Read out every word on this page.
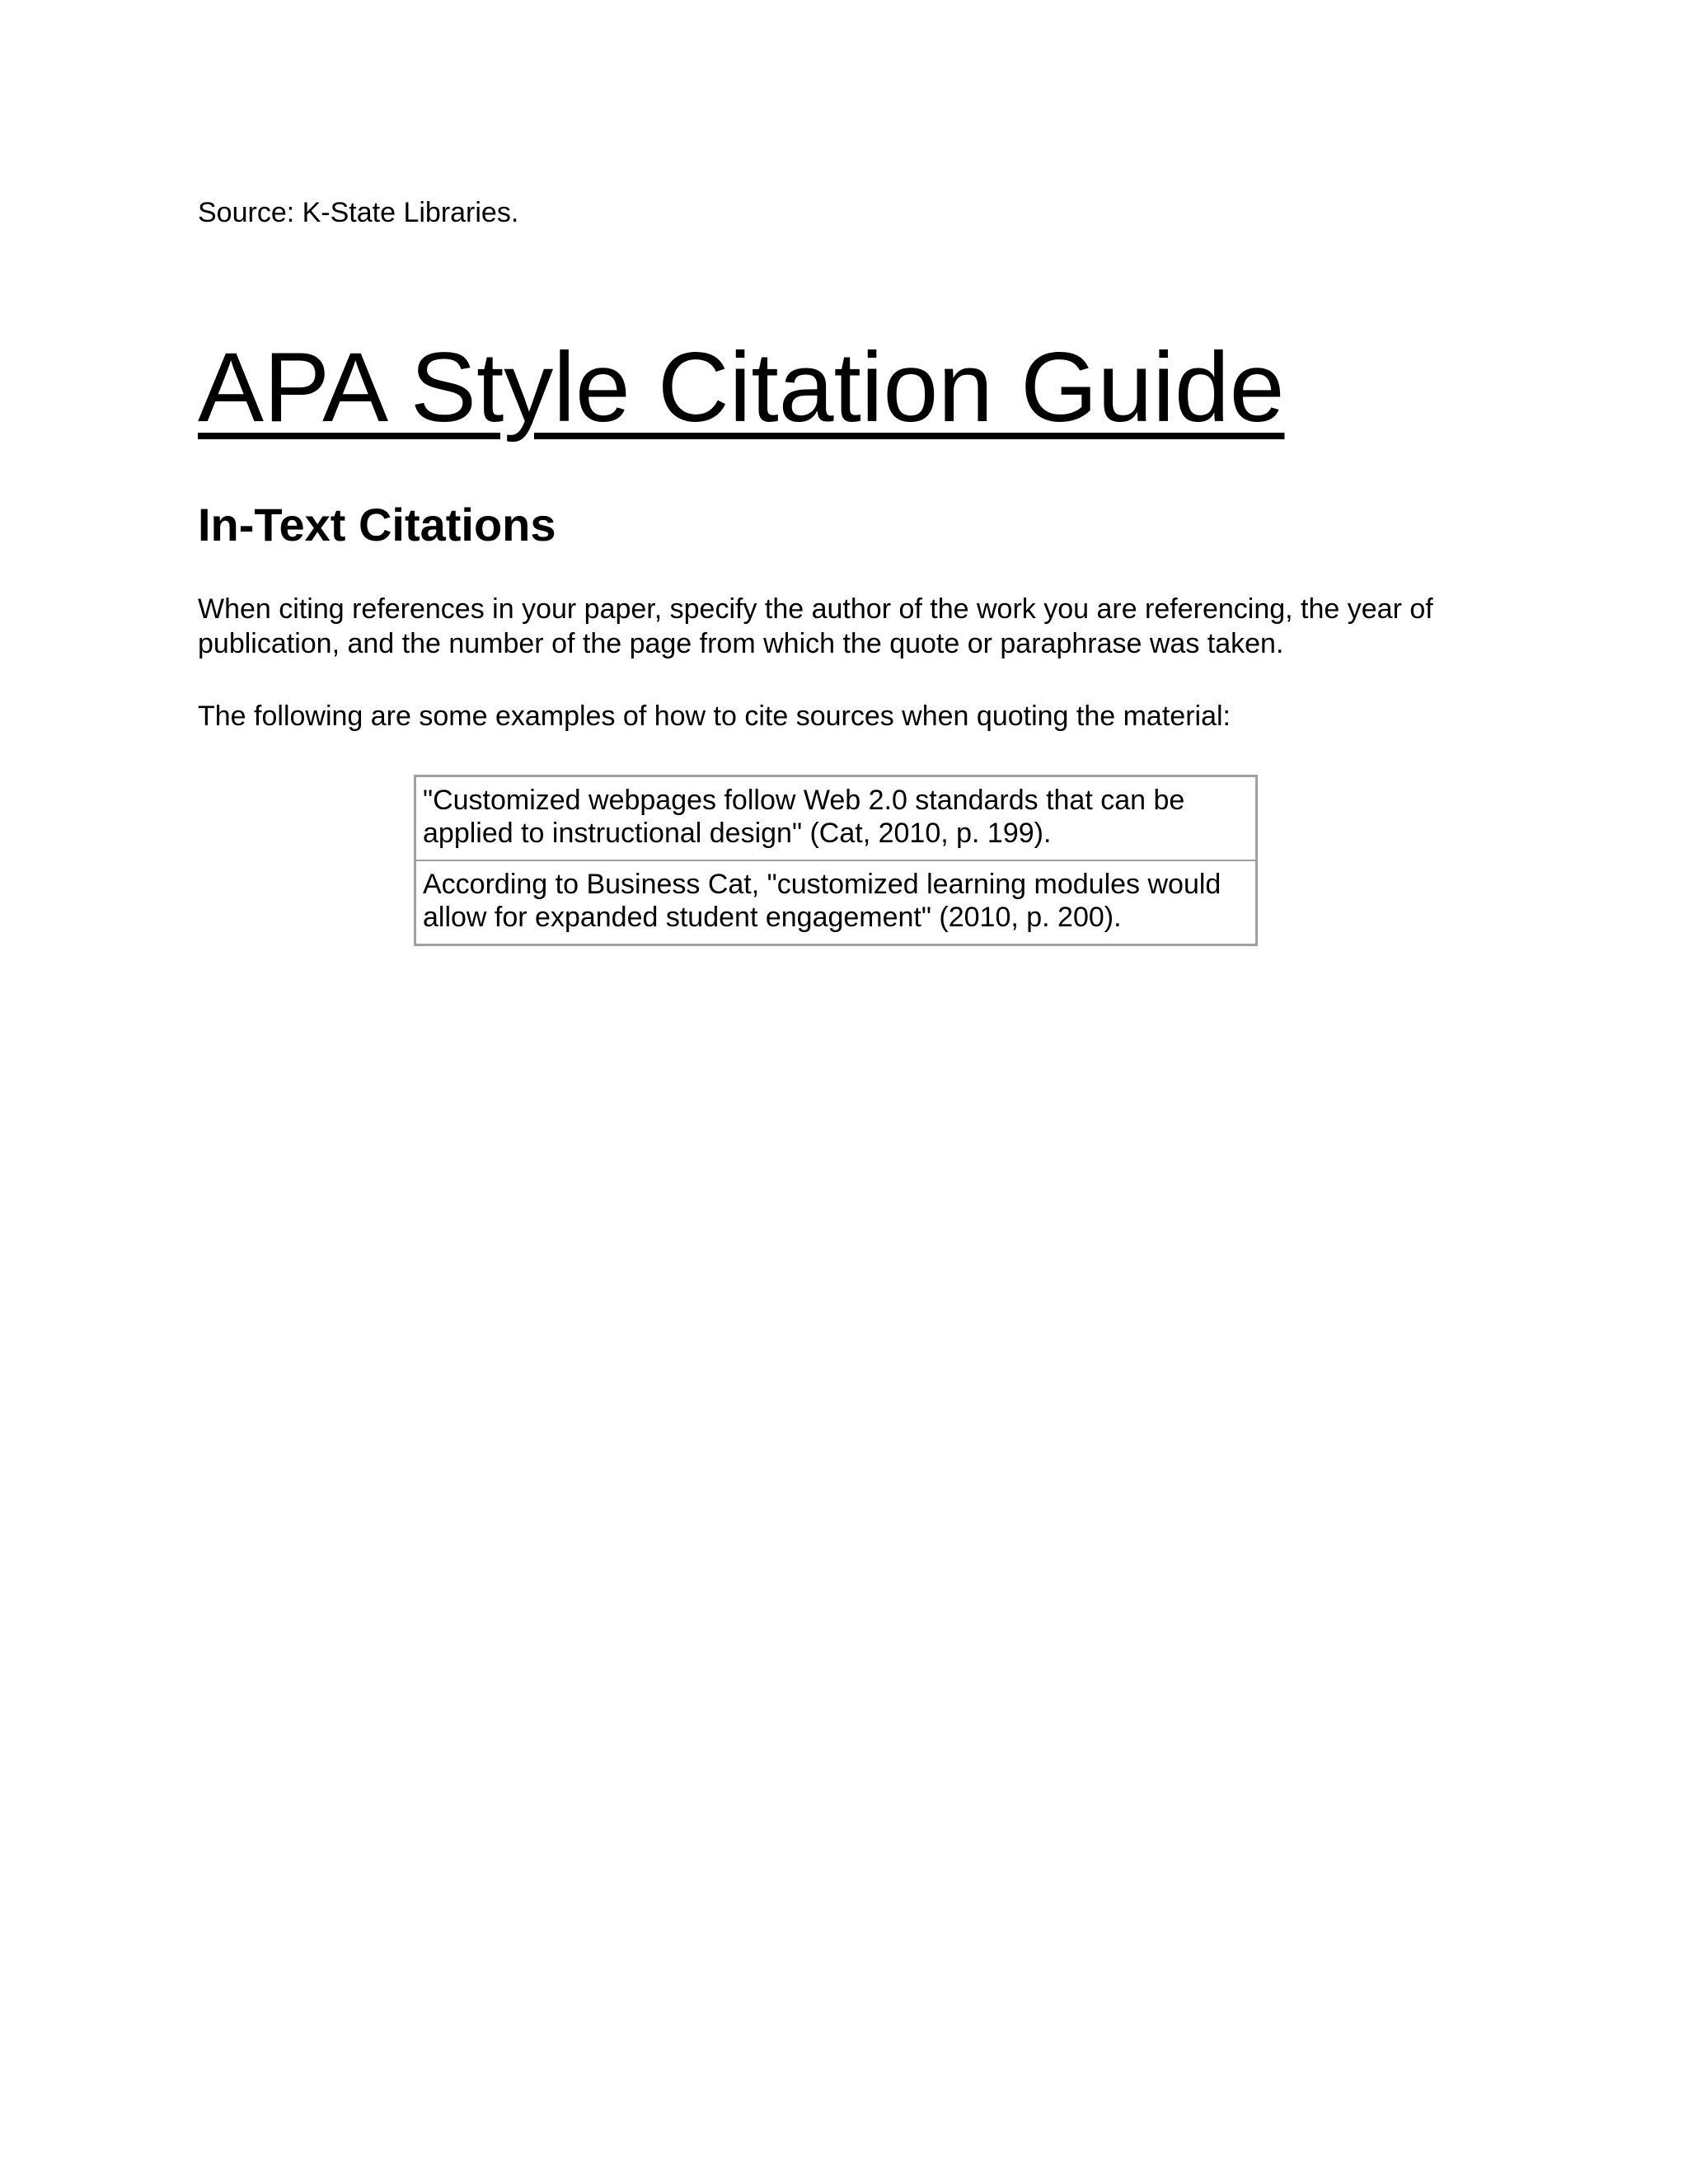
Source: K-State Libraries.

APA Style Citation Guide
In-Text Citations

When citing references in your paper, specify the author of the work you are referencing, the year of publication, and the number of the page from which the quote or paraphrase was taken.

The following are some examples of how to cite sources when quoting the material:

"Customized webpages follow Web 2.0 standards that can be applied to instructional design" (Cat, 2010, p. 199).
According to Business Cat, "customized learning modules would allow for expanded student engagement" (2010, p. 200).
